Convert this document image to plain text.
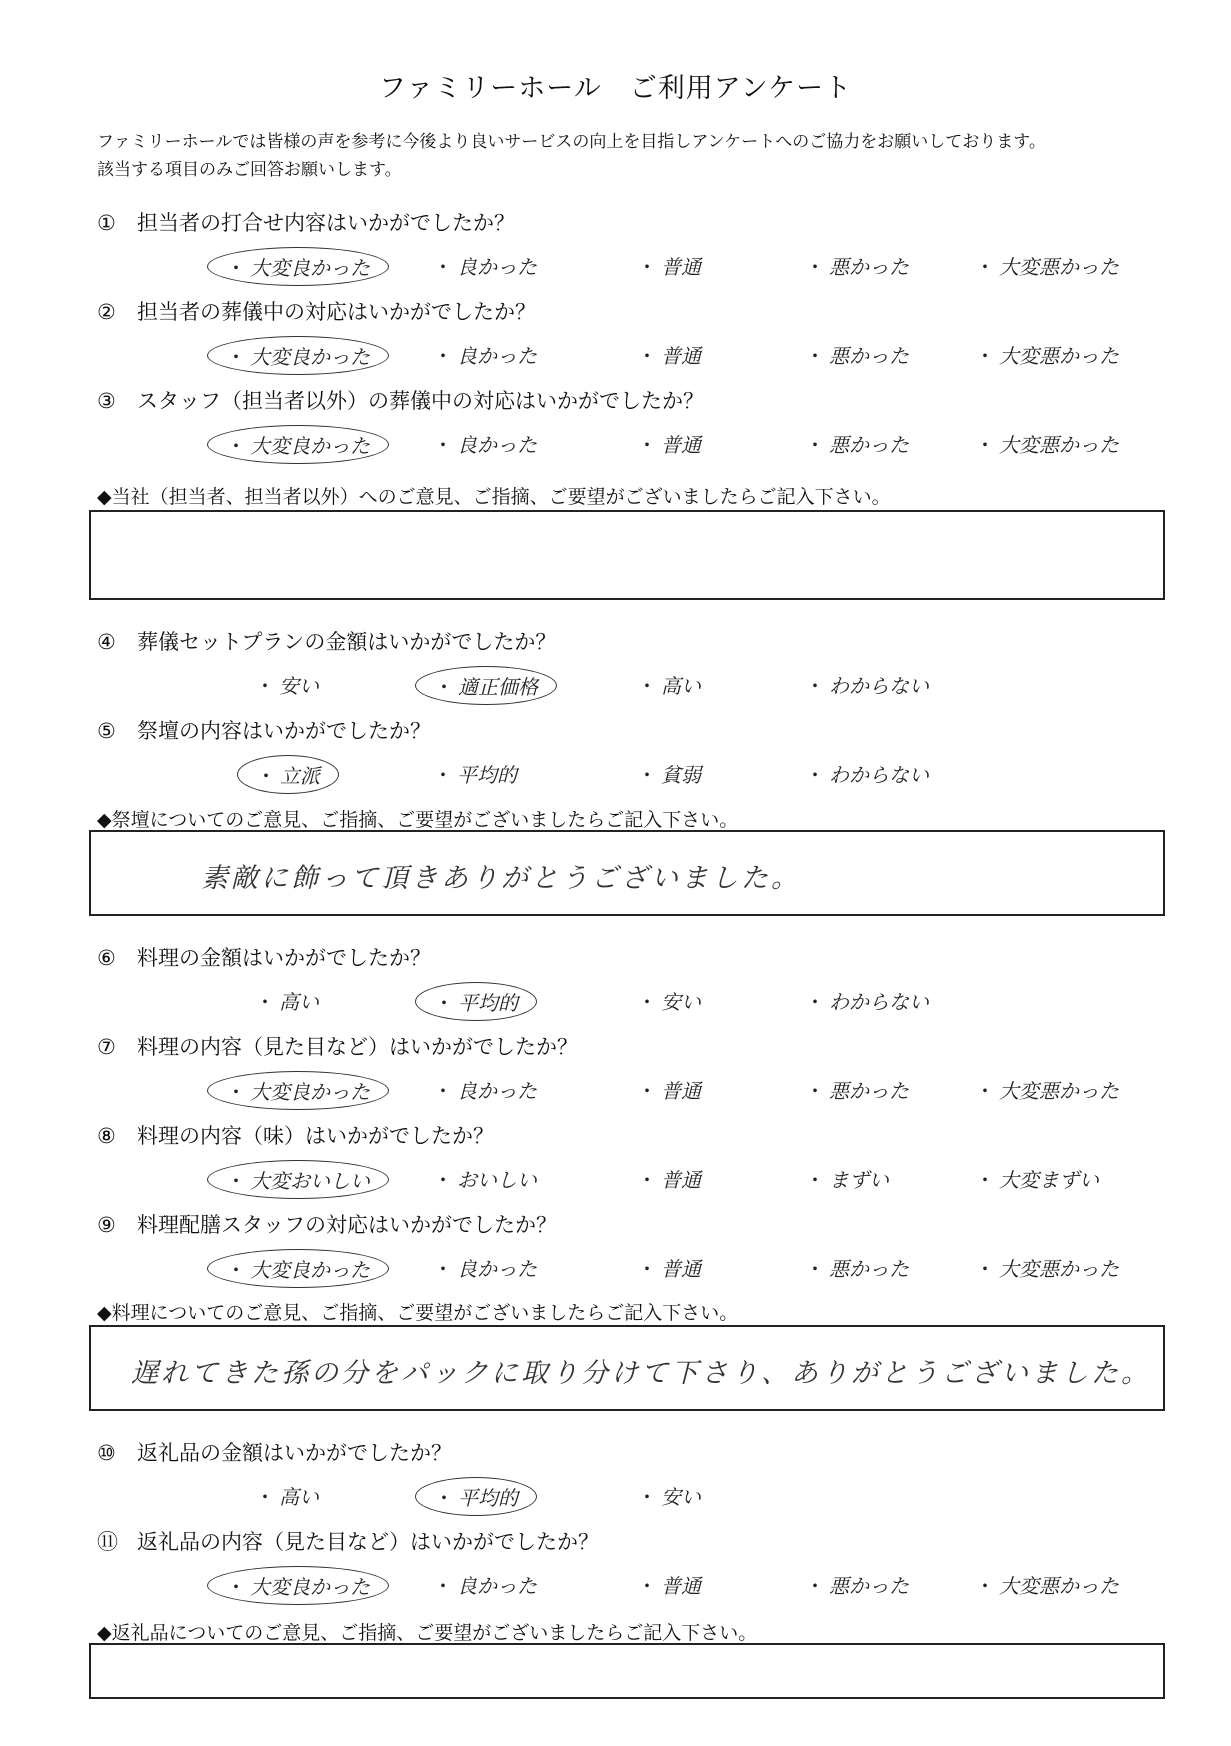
ファミリーホール　ご利用アンケート

ファミリーホールでは皆様の声を参考に今後より良いサービスの向上を目指しアンケートへのご協力をお願いしております。

該当する項目のみご回答お願いします。

① 担当者の打合せ内容はいかがでしたか？
・ 大変良かった	・ 良かった	・ 普通	・ 悪かった	・ 大変悪かった
② 担当者の葬儀中の対応はいかがでしたか？
・ 大変良かった	・ 良かった	・ 普通	・ 悪かった	・ 大変悪かった
③ スタッフ（担当者以外）の葬儀中の対応はいかがでしたか？
・ 大変良かった	・ 良かった	・ 普通	・ 悪かった	・ 大変悪かった
◆当社（担当者、担当者以外）へのご意見、ご指摘、ご要望がございましたらご記入下さい。
④ 葬儀セットプランの金額はいかがでしたか？
・ 安い	・ 適正価格	・ 高い	・ わからない
⑤ 祭壇の内容はいかがでしたか？
・ 立派	・ 平均的	・ 貧弱	・ わからない
◆祭壇についてのご意見、ご指摘、ご要望がございましたらご記入下さい。
素敵に飾って頂きありがとうございました。
⑥ 料理の金額はいかがでしたか？
・ 高い	・ 平均的	・ 安い	・ わからない
⑦ 料理の内容（見た目など）はいかがでしたか？
・ 大変良かった	・ 良かった	・ 普通	・ 悪かった	・ 大変悪かった
⑧ 料理の内容（味）はいかがでしたか？
・ 大変おいしい	・ おいしい	・ 普通	・ まずい	・ 大変まずい
⑨ 料理配膳スタッフの対応はいかがでしたか？
・ 大変良かった	・ 良かった	・ 普通	・ 悪かった	・ 大変悪かった
◆料理についてのご意見、ご指摘、ご要望がございましたらご記入下さい。
遅れてきた孫の分をパックに取り分けて下さり、ありがとうございました。
⑩ 返礼品の金額はいかがでしたか？
・ 高い	・ 平均的	・ 安い
⑪ 返礼品の内容（見た目など）はいかがでしたか？
・ 大変良かった	・ 良かった	・ 普通	・ 悪かった	・ 大変悪かった
◆返礼品についてのご意見、ご指摘、ご要望がございましたらご記入下さい。
